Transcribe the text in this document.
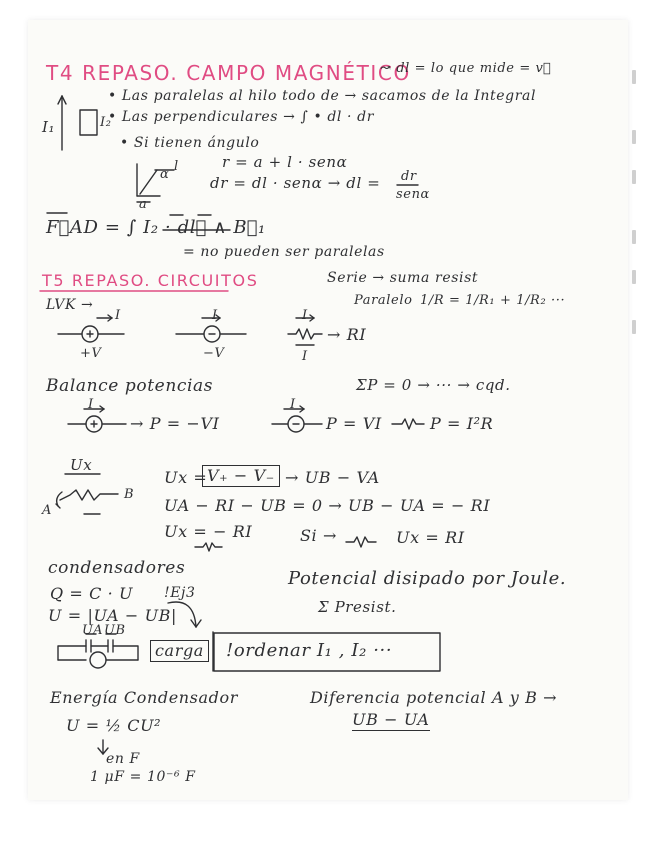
T4 REPASO. CAMPO MAGNÉTICO
↝ dl = lo que mide = v⃗
• Las paralelas al hilo todo de → sacamos de la Integral
• Las perpendiculares → ∫ • dl · dr
I₁	I₂
• Si tienen ángulo
r = a + l · senα
α
l
a
dr = dl · senα → dl = dr
senα
F⃗AD = ∫ I₂ · dl⃗ ∧ B⃗₁
= no pueden ser paralelas
T5 REPASO. CIRCUITOS	Serie → suma resist
Paralelo 1/R = 1/R₁ + 1/R₂ ···
LVK →
I	I	I
I
+V	−V
→ RI
Balance potencias	ΣP = 0 → ··· → cqd.
I	I
→ P = −VI	P = VI	P = I²R
Ux
A
B
Ux = V₊ − V₋ → UB − VA
UA − RI − UB = 0 → UB − UA = − RI
Ux = − RI	Si →	Ux = RI
condensadores
Q = C · U !Ej3
Potencial disipado por Joule.
U = |UA − UB|	Σ Presist.
UA UB
carga !ordenar I₁ , I₂ ···
Energía Condensador	Diferencia potencial A y B →
UB − UA
U = ½ CU²
en F
1 μF = 10⁻⁶ F
